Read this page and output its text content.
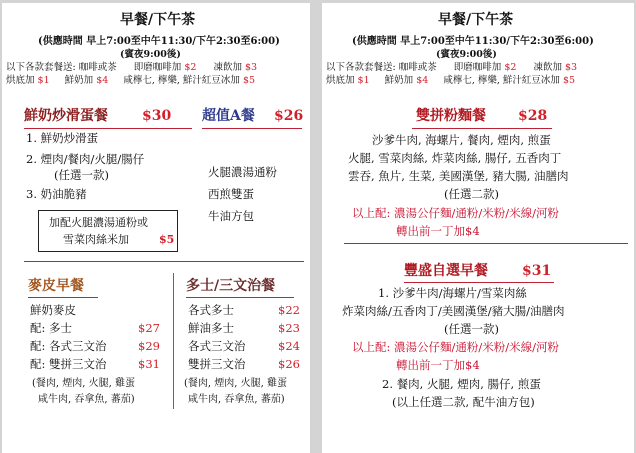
早餐/下午茶
(供應時間 早上7:00至中午11:30/下午2:30至6:00)
(賓夜9:00後)
以下各款套餐送: 咖啡或茶 即磨咖啡加 $2 凍飲加 $3
烘底加 $1 鮮奶加 $4 咸檸七, 檸樂, 鮮汁紅豆冰加 $5
鮮奶炒滑蛋餐 $30
1. 鮮奶炒滑蛋
2. 煙肉/餐肉/火腿/腸仔
(任選一款)
3. 奶油脆豬
加配火腿濃湯通粉或
雪菜肉絲米加	$5
超值A餐 $26
火腿濃湯通粉
西煎雙蛋
牛油方包
麥皮早餐
鮮奶麥皮
配: 多士	$27
配: 各式三文治	$29
配: 雙拼三文治	$31
(餐肉, 煙肉, 火腿, 雞蛋
咸牛肉, 吞拿魚, 蕃茄)
多士/三文治餐
各式多士	$22
鮮油多士	$23
各式三文治	$24
雙拼三文治	$26
(餐肉, 煙肉, 火腿, 雞蛋
咸牛肉, 吞拿魚, 蕃茄)
早餐/下午茶
(供應時間 早上7:00至中午11:30/下午2:30至6:00)
(賓夜9:00後)
以下各款套餐送: 咖啡或茶 即磨咖啡加 $2 凍飲加 $3
烘底加 $1 鮮奶加 $4 咸檸七, 檸樂, 鮮汁紅豆冰加 $5
雙拼粉麵餐 $28
沙爹牛肉, 海螺片, 餐肉, 煙肉, 煎蛋
火腿, 雪菜肉絲, 炸菜肉絲, 腸仔, 五香肉丁
雲吞, 魚片, 生菜, 美國漢堡, 豬大腸, 油膳肉
(任選二款)
以上配: 濃湯公仔麵/通粉/米粉/米線/河粉
轉出前一丁加$4
豐盛自選早餐 $31
1. 沙爹牛肉/海螺片/雪菜肉絲
炸菜肉絲/五香肉丁/美國漢堡/豬大腸/油膳肉
(任選一款)
以上配: 濃湯公仔麵/通粉/米粉/米線/河粉
轉出前一丁加$4
2. 餐肉, 火腿, 煙肉, 腸仔, 煎蛋
(以上任選二款, 配牛油方包)
